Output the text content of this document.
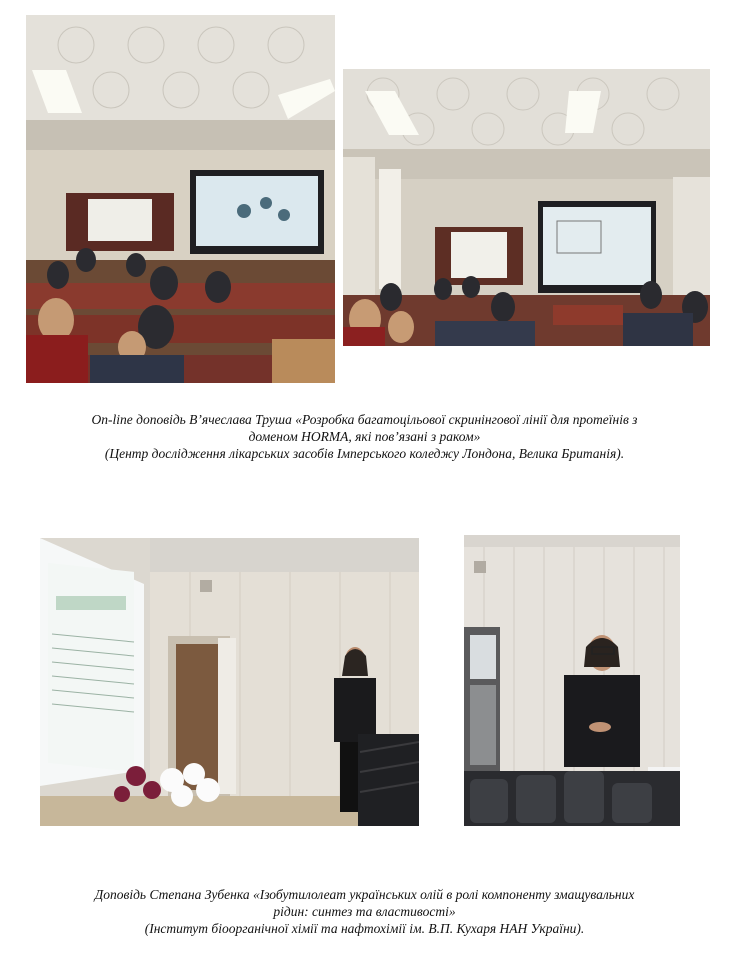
On-line доповідь В’ячеслава Труша «Розробка багатоцільової скринінгової лінії для протеїнів з

доменом HORMA, які пов’язані з раком»

(Центр дослідження лікарських засобів Імперського коледжу Лондона, Велика Британія).

Доповідь Степана Зубенка «Ізобутилолеат українських олій в ролі компоненту змащувальних

рідин: синтез та властивості»

(Інститут біоорганічної хімії та нафтохімії ім. В.П. Кухаря НАН України).
